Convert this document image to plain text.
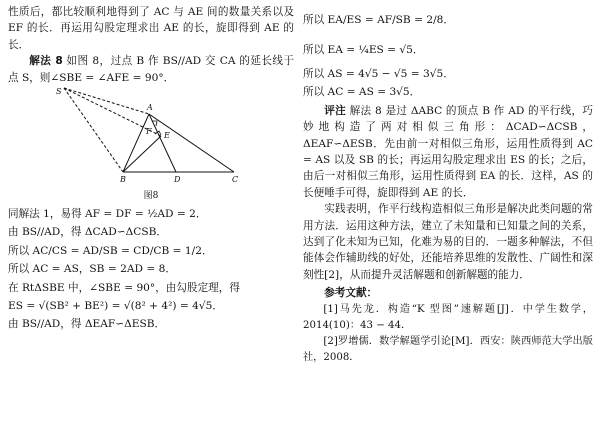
性质后，都比较顺利地得到了 AC 与 AE 间的数量关系以及 EF 的长．再运用勾股定理求出 AE 的长，旋即得到 AE 的长．

解法 8 如图 8，过点 B 作 BS//AD 交 CA 的延长线于点 S，则∠SBE = ∠AFE = 90°．

S
A
E
F
B	D	C
图8

同解法 1，易得 AF = DF = ½AD = 2．

由 BS//AD，得 ΔCAD∽ΔCSB．

所以 AC/CS = AD/SB = CD/CB = 1/2．

所以 AC = AS，SB = 2AD = 8．

在 RtΔSBE 中，∠SBE = 90°，由勾股定理，得

ES = √(SB² + BE²) = √(8² + 4²) = 4√5．

由 BS//AD，得 ΔEAF∽ΔESB．

所以 EA/ES = AF/SB = 2/8．

所以 EA = ¼ES = √5．

所以 AS = 4√5 − √5 = 3√5．

所以 AC = AS = 3√5．

评注 解法 8 是过 ΔABC 的顶点 B 作 AD 的平行线，巧妙地构造了两对相似三角形：ΔCAD∽ΔCSB，ΔEAF∽ΔESB．先由前一对相似三角形，运用性质得到 AC = AS 以及 SB 的长；再运用勾股定理求出 ES 的长；之后，由后一对相似三角形，运用性质得到 EA 的长．这样，AS 的长便唾手可得，旋即得到 AE 的长．

实践表明，作平行线构造相似三角形是解决此类问题的常用方法．运用这种方法，建立了未知量和已知量之间的关系，达到了化未知为已知，化难为易的目的．一题多种解法，不但能体会作辅助线的好处，还能培养思维的发散性、广阔性和深刻性[2]，从而提升灵活解题和创新解题的能力．

参考文献：

[1]马先龙．构造“K 型图”速解题[J]．中学生数学，2014(10)：43 − 44．

[2]罗增儒．数学解题学引论[M]．西安：陕西师范大学出版社，2008．
